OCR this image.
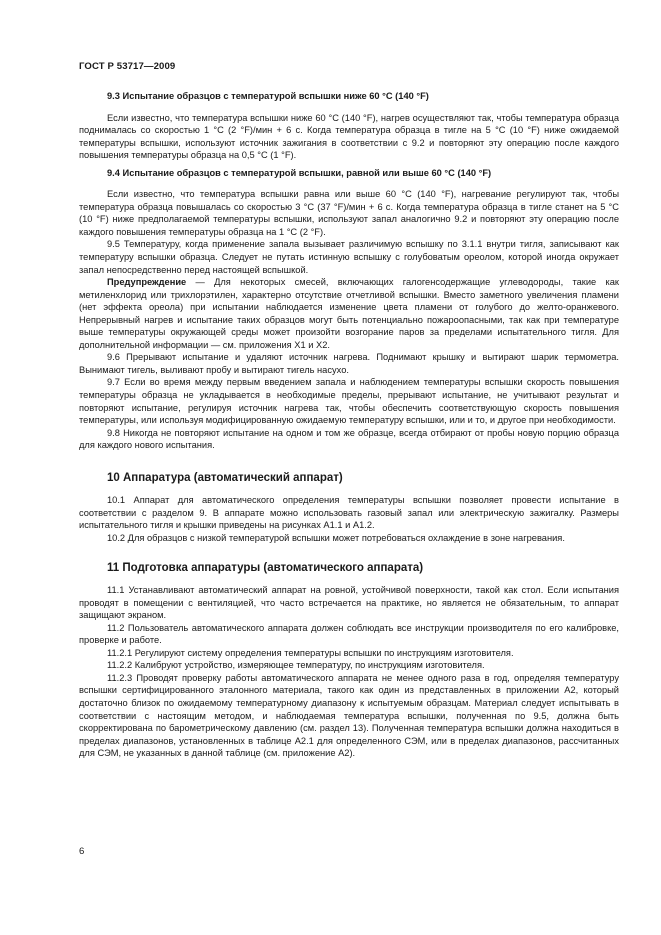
ГОСТ Р 53717—2009

9.3 Испытание образцов с температурой вспышки ниже 60 °С (140 °F)

Если известно, что температура вспышки ниже 60 °С (140 °F), нагрев осуществляют так, чтобы температура образца поднималась со скоростью 1 °С (2 °F)/мин + 6 с. Когда температура образца в тигле на 5 °С (10 °F) ниже ожидаемой температуры вспышки, используют источник зажигания в соответствии с 9.2 и повторяют эту операцию после каждого повышения температуры образца на 0,5 °С (1 °F).

9.4 Испытание образцов с температурой вспышки, равной или выше 60 °С (140 °F)

Если известно, что температура вспышки равна или выше 60 °С (140 °F), нагревание регулируют так, чтобы температура образца повышалась со скоростью 3 °С (37 °F)/мин + 6 с. Когда температура образца в тигле станет на 5 °С (10 °F) ниже предполагаемой температуры вспышки, используют запал аналогично 9.2 и повторяют эту операцию после каждого повышения температуры образца на 1 °С (2 °F).

9.5 Температуру, когда применение запала вызывает различимую вспышку по 3.1.1 внутри тигля, записывают как температуру вспышки образца. Следует не путать истинную вспышку с голубоватым ореолом, которой иногда окружает запал непосредственно перед настоящей вспышкой.

Предупреждение — Для некоторых смесей, включающих галогенсодержащие углеводороды, такие как метиленхлорид или трихлорэтилен, характерно отсутствие отчетливой вспышки. Вместо заметного увеличения пламени (нет эффекта ореола) при испытании наблюдается изменение цвета пламени от голубого до желто-оранжевого. Непрерывный нагрев и испытание таких образцов могут быть потенциально пожароопасными, так как при температуре выше температуры окружающей среды может произойти возгорание паров за пределами испытательного тигля. Для дополнительной информации — см. приложения Х1 и Х2.

9.6 Прерывают испытание и удаляют источник нагрева. Поднимают крышку и вытирают шарик термометра. Вынимают тигель, выливают пробу и вытирают тигель насухо.

9.7 Если во время между первым введением запала и наблюдением температуры вспышки скорость повышения температуры образца не укладывается в необходимые пределы, прерывают испытание, не учитывают результат и повторяют испытание, регулируя источник нагрева так, чтобы обеспечить соответствующую скорость повышения температуры, или используя модифицированную ожидаемую температуру вспышки, или и то, и другое при необходимости.

9.8 Никогда не повторяют испытание на одном и том же образце, всегда отбирают от пробы новую порцию образца для каждого нового испытания.

10 Аппаратура (автоматический аппарат)

10.1 Аппарат для автоматического определения температуры вспышки позволяет провести испытание в соответствии с разделом 9. В аппарате можно использовать газовый запал или электрическую зажигалку. Размеры испытательного тигля и крышки приведены на рисунках А1.1 и А1.2.

10.2 Для образцов с низкой температурой вспышки может потребоваться охлаждение в зоне нагревания.

11 Подготовка аппаратуры (автоматического аппарата)

11.1 Устанавливают автоматический аппарат на ровной, устойчивой поверхности, такой как стол. Если испытания проводят в помещении с вентиляцией, что часто встречается на практике, но является не обязательным, то аппарат защищают экраном.

11.2 Пользователь автоматического аппарата должен соблюдать все инструкции производителя по его калибровке, проверке и работе.

11.2.1 Регулируют систему определения температуры вспышки по инструкциям изготовителя.

11.2.2 Калибруют устройство, измеряющее температуру, по инструкциям изготовителя.

11.2.3 Проводят проверку работы автоматического аппарата не менее одного раза в год, определяя температуру вспышки сертифицированного эталонного материала, такого как один из представленных в приложении А2, который достаточно близок по ожидаемому температурному диапазону к испытуемым образцам. Материал следует испытывать в соответствии с настоящим методом, и наблюдаемая температура вспышки, полученная по 9.5, должна быть скорректирована по барометрическому давлению (см. раздел 13). Полученная температура вспышки должна находиться в пределах диапазонов, установленных в таблице А2.1 для определенного СЭМ, или в пределах диапазонов, рассчитанных для СЭМ, не указанных в данной таблице (см. приложение А2).

6
